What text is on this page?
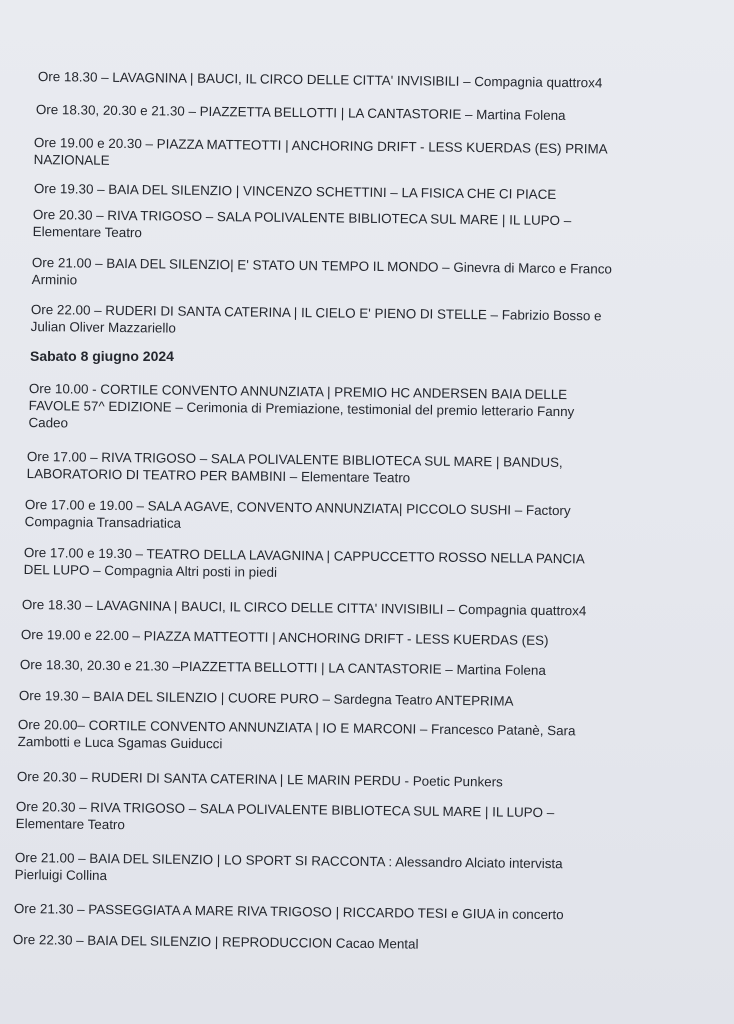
Ore 18.30 – LAVAGNINA | BAUCI, IL CIRCO DELLE CITTA' INVISIBILI – Compagnia quattrox4

Ore 18.30, 20.30 e 21.30 – PIAZZETTA BELLOTTI | LA CANTASTORIE – Martina Folena

Ore 19.00 e 20.30 – PIAZZA MATTEOTTI | ANCHORING DRIFT - LESS KUERDAS (ES) PRIMA
NAZIONALE

Ore 19.30 – BAIA DEL SILENZIO | VINCENZO SCHETTINI – LA FISICA CHE CI PIACE

Ore 20.30 – RIVA TRIGOSO – SALA POLIVALENTE BIBLIOTECA SUL MARE | IL LUPO –
Elementare Teatro

Ore 21.00 – BAIA DEL SILENZIO| E' STATO UN TEMPO IL MONDO – Ginevra di Marco e Franco
Arminio

Ore 22.00 – RUDERI DI SANTA CATERINA | IL CIELO E' PIENO DI STELLE – Fabrizio Bosso e
Julian Oliver Mazzariello

Sabato 8 giugno 2024

Ore 10.00 - CORTILE CONVENTO ANNUNZIATA | PREMIO HC ANDERSEN BAIA DELLE
FAVOLE 57^ EDIZIONE – Cerimonia di Premiazione, testimonial del premio letterario Fanny
Cadeo

Ore 17.00 – RIVA TRIGOSO – SALA POLIVALENTE BIBLIOTECA SUL MARE | BANDUS,
LABORATORIO DI TEATRO PER BAMBINI – Elementare Teatro

Ore 17.00 e 19.00 – SALA AGAVE, CONVENTO ANNUNZIATA| PICCOLO SUSHI – Factory
Compagnia Transadriatica

Ore 17.00 e 19.30 – TEATRO DELLA LAVAGNINA | CAPPUCCETTO ROSSO NELLA PANCIA
DEL LUPO – Compagnia Altri posti in piedi

Ore 18.30 – LAVAGNINA | BAUCI, IL CIRCO DELLE CITTA' INVISIBILI – Compagnia quattrox4

Ore 19.00 e 22.00 – PIAZZA MATTEOTTI | ANCHORING DRIFT - LESS KUERDAS (ES)

Ore 18.30, 20.30 e 21.30 –PIAZZETTA BELLOTTI | LA CANTASTORIE – Martina Folena

Ore 19.30 – BAIA DEL SILENZIO | CUORE PURO – Sardegna Teatro ANTEPRIMA

Ore 20.00– CORTILE CONVENTO ANNUNZIATA | IO E MARCONI – Francesco Patanè, Sara
Zambotti e Luca Sgamas Guiducci

Ore 20.30 – RUDERI DI SANTA CATERINA | LE MARIN PERDU - Poetic Punkers

Ore 20.30 – RIVA TRIGOSO – SALA POLIVALENTE BIBLIOTECA SUL MARE | IL LUPO –
Elementare Teatro

Ore 21.00 – BAIA DEL SILENZIO | LO SPORT SI RACCONTA : Alessandro Alciato intervista
Pierluigi Collina

Ore 21.30 – PASSEGGIATA A MARE RIVA TRIGOSO | RICCARDO TESI e GIUA in concerto

Ore 22.30 – BAIA DEL SILENZIO | REPRODUCCION Cacao Mental
